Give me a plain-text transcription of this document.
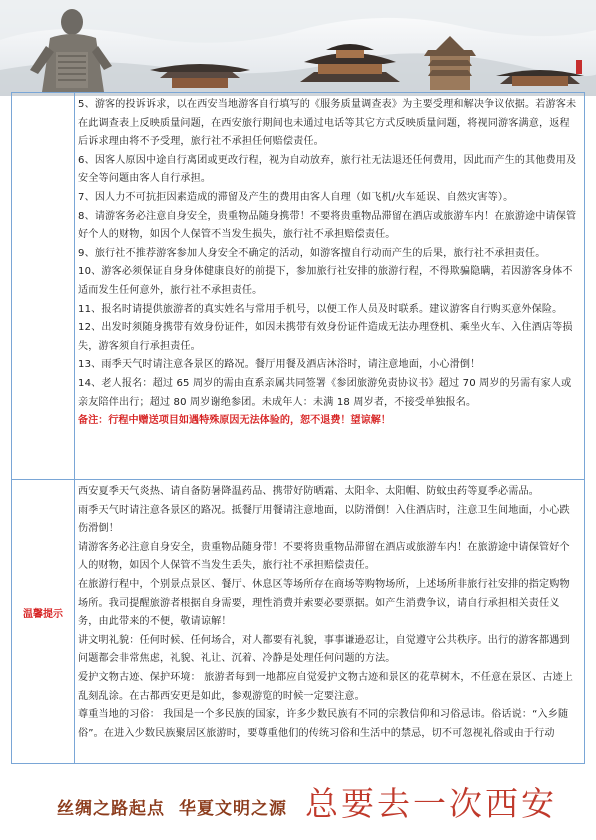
5、游客的投诉诉求，以在西安当地游客自行填写的《服务质量调查表》为主要受理和解决争议依据。若游客未在此调查表上反映质量问题，在西安旅行期间也未通过电话等其它方式反映质量问题，将视同游客满意，返程后诉求理由将不予受理，旅行社不承担任何赔偿责任。

6、因客人原因中途自行离团或更改行程，视为自动放弃，旅行社无法退还任何费用，因此而产生的其他费用及安全等问题由客人自行承担。

7、因人力不可抗拒因素造成的滞留及产生的费用由客人自理（如飞机/火车延误、自然灾害等）。

8、请游客务必注意自身安全，贵重物品随身携带！不要将贵重物品滞留在酒店或旅游车内！在旅游途中请保管好个人的财物，如因个人保管不当发生损失，旅行社不承担赔偿责任。

9、旅行社不推荐游客参加人身安全不确定的活动，如游客擅自行动而产生的后果，旅行社不承担责任。

10、游客必须保证自身身体健康良好的前提下，参加旅行社安排的旅游行程，不得欺骗隐瞒，若因游客身体不适而发生任何意外，旅行社不承担责任。

11、报名时请提供旅游者的真实姓名与常用手机号，以便工作人员及时联系。建议游客自行购买意外保险。

12、出发时须随身携带有效身份证件，如因未携带有效身份证件造成无法办理登机、乘坐火车、入住酒店等损失，游客须自行承担责任。

13、雨季天气时请注意各景区的路况。餐厅用餐及酒店沐浴时，请注意地面，小心滑倒！

14、老人报名：超过 65 周岁的需由直系亲属共同签署《参团旅游免责协议书》超过 70 周岁的另需有家人或亲友陪伴出行；超过 80 周岁谢绝参团。未成年人：未满 18 周岁者，不接受单独报名。

备注：行程中赠送项目如遇特殊原因无法体验的，恕不退费！望谅解！

温馨提示

西安夏季天气炎热、请自备防暑降温药品、携带好防晒霜、太阳伞、太阳帽、防蚊虫药等夏季必需品。

雨季天气时请注意各景区的路况。抵餐厅用餐请注意地面，以防滑倒！入住酒店时，注意卫生间地面，小心跌伤滑倒！

请游客务必注意自身安全，贵重物品随身带！不要将贵重物品滞留在酒店或旅游车内！在旅游途中请保管好个人的财物，如因个人保管不当发生丢失，旅行社不承担赔偿责任。

在旅游行程中，个别景点景区、餐厅、休息区等场所存在商场等购物场所，上述场所非旅行社安排的指定购物场所。我司提醒旅游者根据自身需要，理性消费并索要必要票据。如产生消费争议，请自行承担相关责任义务，由此带来的不便，敬请谅解！

讲文明礼貌：任何时候、任何场合，对人都要有礼貌，事事谦逊忍让，自觉遵守公共秩序。出行的游客都遇到问题都会非常焦虑，礼貌、礼让、沉着、冷静是处理任何问题的方法。

爱护文物古迹、保护环境： 旅游者每到一地都应自觉爱护文物古迹和景区的花草树木，不任意在景区、古迹上乱刻乱涂。在古都西安更是如此，参观游览的时候一定要注意。

尊重当地的习俗： 我国是一个多民族的国家，许多少数民族有不同的宗教信仰和习俗忌讳。俗话说：“入乡随俗”。在进入少数民族聚居区旅游时，要尊重他们的传统习俗和生活中的禁忌，切不可忽视礼俗或由于行动

丝绸之路起点 华夏文明之源 总要去一次西安
